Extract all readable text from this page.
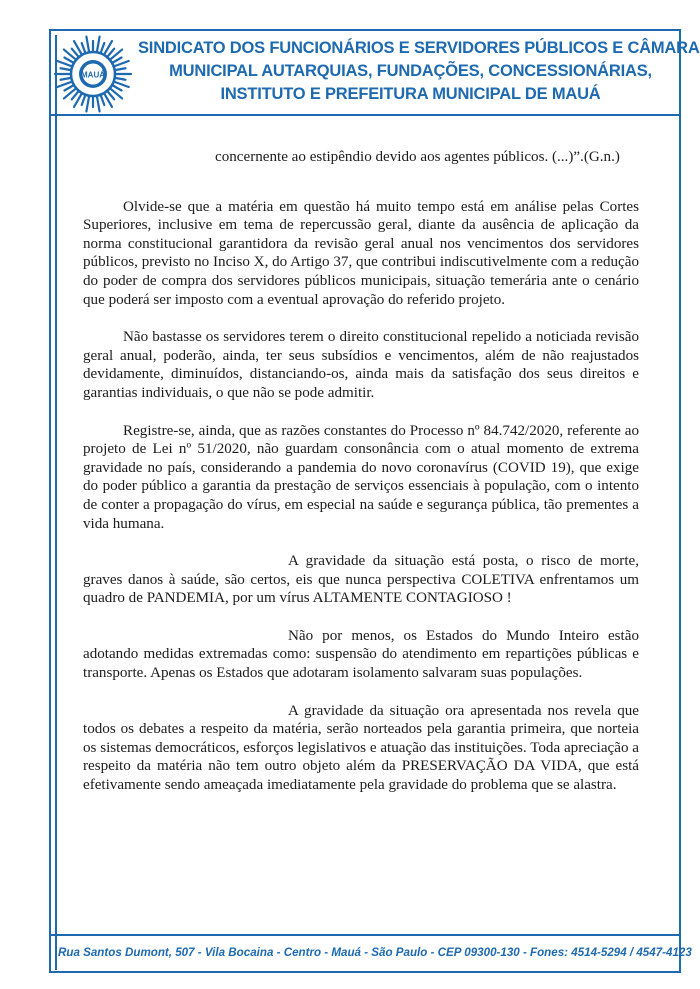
MAUÁ
SINDICATO DOS FUNCIONÁRIOS E SERVIDORES PÚBLICOS E CÂMARA
MUNICIPAL AUTARQUIAS, FUNDAÇÕES, CONCESSIONÁRIAS,
INSTITUTO E PREFEITURA MUNICIPAL DE MAUÁ

concernente ao estipêndio devido aos agentes públicos. (...)”.(G.n.)

Olvide-se que a matéria em questão há muito tempo está em análise pelas Cortes Superiores, inclusive em tema de repercussão geral, diante da ausência de aplicação da norma constitucional garantidora da revisão geral anual nos vencimentos dos servidores públicos, previsto no Inciso X, do Artigo 37, que contribui indiscutivelmente com a redução do poder de compra dos servidores públicos municipais, situação temerária ante o cenário que poderá ser imposto com a eventual aprovação do referido projeto.

Não bastasse os servidores terem o direito constitucional repelido a noticiada revisão geral anual, poderão, ainda, ter seus subsídios e vencimentos, além de não reajustados devidamente, diminuídos, distanciando-os, ainda mais da satisfação dos seus direitos e garantias individuais, o que não se pode admitir.

Registre-se, ainda, que as razões constantes do Processo nº 84.742/2020, referente ao projeto de Lei nº 51/2020, não guardam consonância com o atual momento de extrema gravidade no país, considerando a pandemia do novo coronavírus (COVID 19), que exige do poder público a garantia da prestação de serviços essenciais à população, com o intento de conter a propagação do vírus, em especial na saúde e segurança pública, tão prementes a vida humana.

A gravidade da situação está posta, o risco de morte, graves danos à saúde, são certos, eis que nunca perspectiva COLETIVA enfrentamos um quadro de PANDEMIA, por um vírus ALTAMENTE CONTAGIOSO !

Não por menos, os Estados do Mundo Inteiro estão adotando medidas extremadas como: suspensão do atendimento em repartições públicas e transporte. Apenas os Estados que adotaram isolamento salvaram suas populações.

A gravidade da situação ora apresentada nos revela que todos os debates a respeito da matéria, serão norteados pela garantia primeira, que norteia os sistemas democráticos, esforços legislativos e atuação das instituições. Toda apreciação a respeito da matéria não tem outro objeto além da PRESERVAÇÃO DA VIDA, que está efetivamente sendo ameaçada imediatamente pela gravidade do problema que se alastra.

Rua Santos Dumont, 507 - Vila Bocaina - Centro - Mauá - São Paulo - CEP 09300-130 - Fones: 4514-5294 / 4547-4123
